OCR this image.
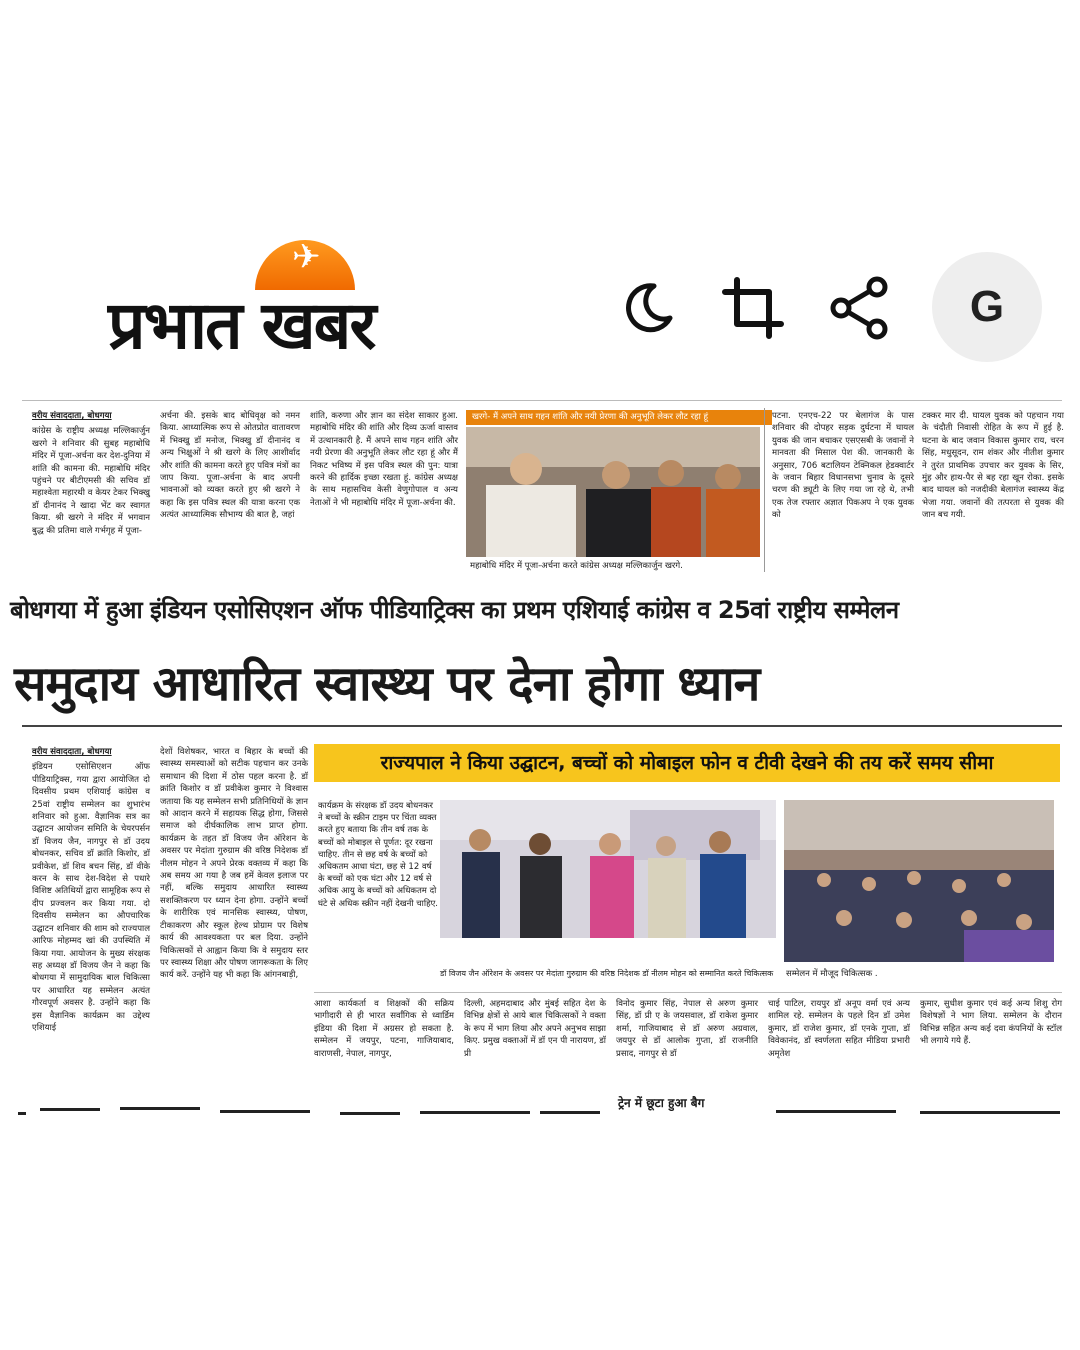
✈
प्रभात खबर	G
वरीय संवाददाता, बोधगया
कांग्रेस के राष्ट्रीय अध्यक्ष मल्लिकार्जुन खरगे ने शनिवार की सुबह महाबोधि मंदिर में पूजा-अर्चना कर देश-दुनिया में शांति की कामना की. महाबोधि मंदिर पहुंचने पर बीटीएमसी की सचिव डॉ महाश्वेता महारथी व केयर टेकर भिक्खु डॉ दीनानंद ने खादा भेंट कर स्वागत किया. श्री खरगे ने मंदिर में भगवान बुद्ध की प्रतिमा वाले गर्भगृह में पूजा-
अर्चना की. इसके बाद बोधिवृक्ष को नमन किया. आध्यात्मिक रूप से ओतप्रोत वातावरण में भिक्खु डॉ मनोज, भिक्खु डॉ दीनानंद व अन्य भिक्षुओं ने श्री खरगे के लिए आशीर्वाद और शांति की कामना करते हुए पवित्र मंत्रों का जाप किया. पूजा-अर्चना के बाद अपनी भावनाओं को व्यक्त करते हुए श्री खरगे ने कहा कि इस पवित्र स्थल की यात्रा करना एक अत्यंत आध्यात्मिक सौभाग्य की बात है, जहां
शांति, करुणा और ज्ञान का संदेश साकार हुआ. महाबोधि मंदिर की शांति और दिव्य ऊर्जा वास्तव में उत्थानकारी है. मैं अपने साथ गहन शांति और नयी प्रेरणा की अनुभूति लेकर लौट रहा हूं और मैं निकट भविष्य में इस पवित्र स्थल की पुन: यात्रा करने की हार्दिक इच्छा रखता हूं. कांग्रेस अध्यक्ष के साथ महासचिव केसी वेणुगोपाल व अन्य नेताओं ने भी महाबोधि मंदिर में पूजा-अर्चना की.
खरगे- मैं अपने साथ गहन शांति और नयी प्रेरणा की अनुभूति लेकर लौट रहा हूं
महाबोधि मंदिर में पूजा-अर्चना करते कांग्रेस अध्यक्ष मल्लिकार्जुन खरगे.
पटना. एनएच-22 पर बेलागंज के पास शनिवार की दोपहर सड़क दुर्घटना में घायल युवक की जान बचाकर एसएसबी के जवानों ने मानवता की मिसाल पेश की. जानकारी के अनुसार, 706 बटालियन टेक्निकल हेडक्वार्टर के जवान बिहार विधानसभा चुनाव के दूसरे चरण की ड्यूटी के लिए गया जा रहे थे, तभी एक तेज रफ्तार अज्ञात पिकअप ने एक युवक को
टक्कर मार दी. घायल युवक को पहचान गया के चंदौती निवासी रोहित के रूप में हुई है. घटना के बाद जवान विकास कुमार राय, चरन सिंह, मधुसूदन, राम शंकर और नीतीश कुमार ने तुरंत प्राथमिक उपचार कर युवक के सिर, मुंह और हाथ-पैर से बह रहा खून रोका. इसके बाद घायल को नजदीकी बेलागंज स्वास्थ्य केंद्र भेजा गया. जवानों की तत्परता से युवक की जान बच गयी.
बोधगया में हुआ इंडियन एसोसिएशन ऑफ पीडियाट्रिक्स का प्रथम एशियाई कांग्रेस व 25वां राष्ट्रीय सम्मेलन
समुदाय आधारित स्वास्थ्य पर देना होगा ध्यान
वरीय संवाददाता, बोधगया
इंडियन एसोसिएशन ऑफ पीडियाट्रिक्स, गया द्वारा आयोजित दो दिवसीय प्रथम एशियाई कांग्रेस व 25वां राष्ट्रीय सम्मेलन का शुभारंभ शनिवार को हुआ. वैज्ञानिक सत्र का उद्घाटन आयोजन समिति के चेयरपर्सन डॉ विजय जैन, नागपुर से डॉ उदय बोधनकर, सचिव डॉ क्रांति किशोर, डॉ प्रवीकेश, डॉ शिव बचन सिंह, डॉ वीके करन के साथ देश-विदेश से पधारे विशिष्ट अतिथियों द्वारा सामूहिक रूप से दीप प्रज्वलन कर किया गया. दो दिवसीय सम्मेलन का औपचारिक उद्घाटन शनिवार की शाम को राज्यपाल आरिफ मोहम्मद खां की उपस्थिति में किया गया. आयोजन के मुख्य संरक्षक सह अध्यक्ष डॉ विजय जैन ने कहा कि बोधगया में सामुदायिक बाल चिकित्सा पर आधारित यह सम्मेलन अत्यंत गौरवपूर्ण अवसर है. उन्होंने कहा कि इस वैज्ञानिक कार्यक्रम का उद्देश्य एशियाई
देशों विशेषकर, भारत व बिहार के बच्चों की स्वास्थ्य समस्याओं को सटीक पहचान कर उनके समाधान की दिशा में ठोस पहल करना है. डॉ क्रांति किशोर व डॉ प्रवीकेश कुमार ने विश्वास जताया कि यह सम्मेलन सभी प्रतिनिधियों के ज्ञान को आदान करने में सहायक सिद्ध होगा, जिससे समाज को दीर्घकालिक लाभ प्राप्त होगा. कार्यक्रम के तहत डॉ विजय जैन ऑरेशन के अवसर पर मेदांता गुरुग्राम की वरिष्ठ निदेशक डॉ नीलम मोहन ने अपने प्रेरक वक्तव्य में कहा कि अब समय आ गया है जब हमें केवल इलाज पर नहीं, बल्कि समुदाय आधारित स्वास्थ्य सशक्तिकरण पर ध्यान देना होगा. उन्होंने बच्चों के शारीरिक एवं मानसिक स्वास्थ्य, पोषण, टीकाकरण और स्कूल हेल्थ प्रोग्राम पर विशेष कार्य की आवश्यकता पर बल दिया. उन्होंने चिकित्सकों से आह्वान किया कि वे समुदाय स्तर पर स्वास्थ्य शिक्षा और पोषण जागरूकता के लिए कार्य करें. उन्होंने यह भी कहा कि आंगनबाड़ी,
राज्यपाल ने किया उद्घाटन, बच्चों को मोबाइल फोन व टीवी देखने की तय करें समय सीमा
कार्यक्रम के संरक्षक डॉ उदय बोधनकर ने बच्चों के स्क्रीन टाइम पर चिंता व्यक्त करते हुए बताया कि तीन वर्ष तक के बच्चों को मोबाइल से पूर्णत: दूर रखना चाहिए. तीन से छह वर्ष के बच्चों को अधिकतम आधा घंटा, छह से 12 वर्ष के बच्चों को एक घंटा और 12 वर्ष से अधिक आयु के बच्चों को अधिकतम दो घंटे से अधिक स्क्रीन नहीं देखनी चाहिए.
डॉ विजय जैन ऑरेशन के अवसर पर मेदांता गुरुग्राम की वरिष्ठ निदेशक डॉ नीलम मोहन को सम्मानित करते चिकित्सक	सम्मेलन में मौजूद चिकित्सक .
आशा कार्यकर्ता व शिक्षकों की सक्रिय भागीदारी से ही भारत सर्वांगिक से ध्वार्डिम इंडिया की दिशा में अग्रसर हो सकता है. सम्मेलन में जयपुर, पटना, गाजियाबाद, वाराणसी, नेपाल, नागपुर,
दिल्ली, अहमदाबाद और मुंबई सहित देश के विभिन्न क्षेत्रों से आये बाल चिकित्सकों ने वक्ता के रूप में भाग लिया और अपने अनुभव साझा किए. प्रमुख वक्ताओं में डॉ एन पी नारायण, डॉ प्री
विनोद कुमार सिंह, नेपाल से अरुण कुमार सिंह, डॉ प्री ए के जयसवाल, डॉ राकेश कुमार शर्मा, गाजियाबाद से डॉ अरुण अग्रवाल, जयपुर से डॉ आलोक गुप्ता, डॉ राजनीति प्रसाद, नागपुर से डॉ
चाई पाटिल, रायपुर डॉ अनूप वर्मा एवं अन्य शामिल रहे. सम्मेलन के पहले दिन डॉ उमेश कुमार, डॉ राजेश कुमार, डॉ एनके गुप्ता, डॉ विवेकानंद, डॉ स्वर्णलता सहित मीडिया प्रभारी अमृतेश
कुमार, सुधीश कुमार एवं कई अन्य शिशु रोग विशेषज्ञों ने भाग लिया. सम्मेलन के दौरान विभिन्न सहित अन्य कई दवा कंपनियों के स्टॉल भी लगाये गये हैं.
ट्रेन में छूटा हुआ बैग
